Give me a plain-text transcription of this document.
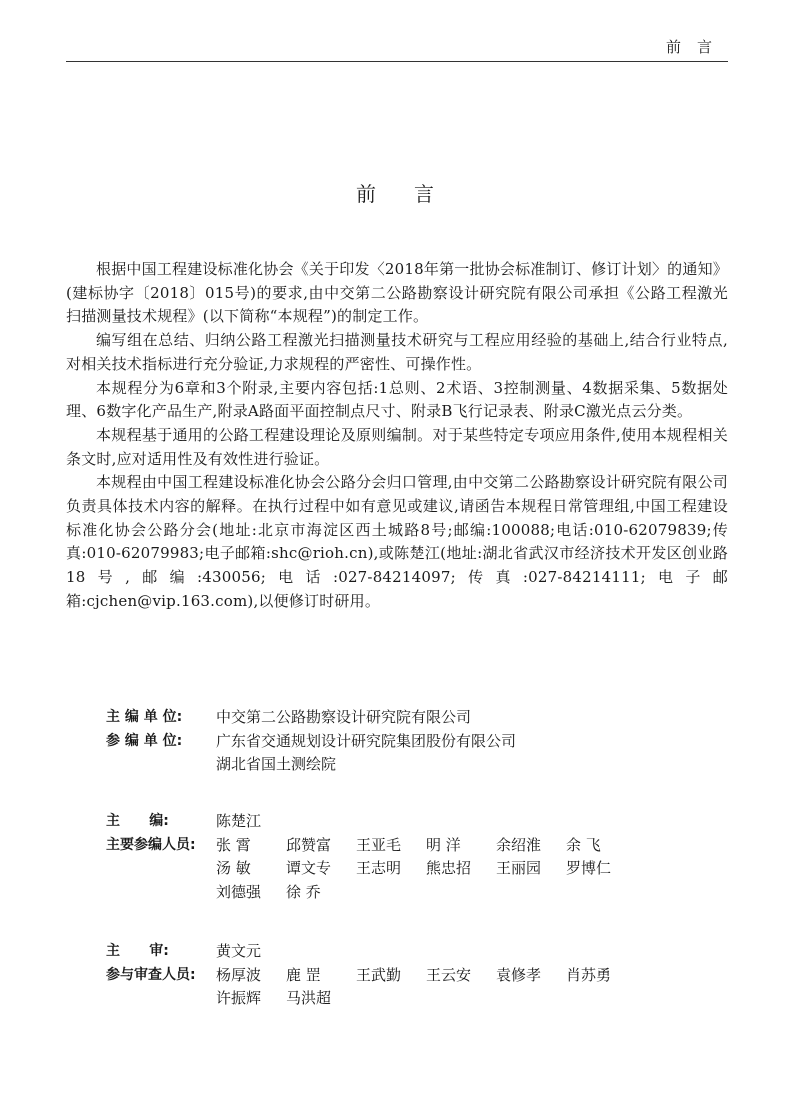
前言
前言

根据中国工程建设标准化协会《关于印发〈2018年第一批协会标准制订、修订计划〉的通知》(建标协字〔2018〕015号)的要求,由中交第二公路勘察设计研究院有限公司承担《公路工程激光扫描测量技术规程》(以下简称“本规程”)的制定工作。

编写组在总结、归纳公路工程激光扫描测量技术研究与工程应用经验的基础上,结合行业特点,对相关技术指标进行充分验证,力求规程的严密性、可操作性。

本规程分为6章和3个附录,主要内容包括:1总则、2术语、3控制测量、4数据采集、5数据处理、6数字化产品生产,附录A路面平面控制点尺寸、附录B飞行记录表、附录C激光点云分类。

本规程基于通用的公路工程建设理论及原则编制。对于某些特定专项应用条件,使用本规程相关条文时,应对适用性及有效性进行验证。

本规程由中国工程建设标准化协会公路分会归口管理,由中交第二公路勘察设计研究院有限公司负责具体技术内容的解释。在执行过程中如有意见或建议,请函告本规程日常管理组,中国工程建设标准化协会公路分会(地址:北京市海淀区西土城路8号;邮编:100088;电话:010-62079839;传真:010-62079983;电子邮箱:shc@rioh.cn),或陈楚江(地址:湖北省武汉市经济技术开发区创业路18号,邮编:430056;电话:027-84214097;传真:027-84214111;电子邮箱:cjchen@vip.163.com),以便修订时研用。

主 编 单 位:	中交第二公路勘察设计研究院有限公司
参 编 单 位:	广东省交通规划设计研究院集团股份有限公司
湖北省国土测绘院
主      编:	陈楚江
主要参编人员:	张 霄	邱赞富	王亚毛	明 洋	余绍淮	余 飞
汤 敏	谭文专	王志明	熊忠招	王丽园	罗博仁
刘德强	徐 乔
主      审:	黄文元
参与审查人员:	杨厚波	鹿 罡	王武勤	王云安	袁修孝	肖苏勇
许振辉	马洪超
